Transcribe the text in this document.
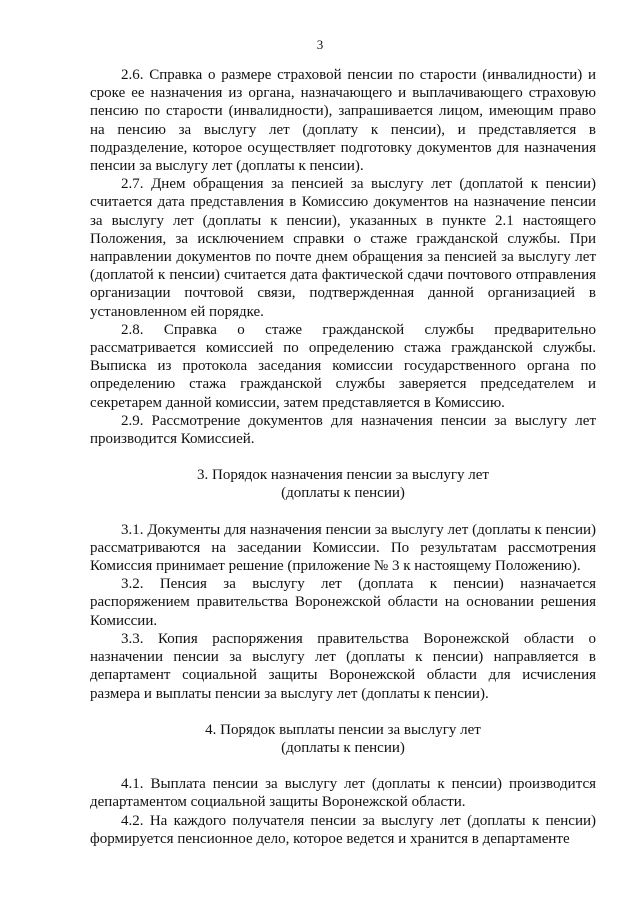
3

2.6. Справка о размере страховой пенсии по старости (инвалидности) и сроке ее назначения из органа, назначающего и выплачивающего страховую пенсию по старости (инвалидности), запрашивается лицом, имеющим право на пенсию за выслугу лет (доплату к пенсии), и представляется в подразделение, которое осуществляет подготовку документов для назначения пенсии за выслугу лет (доплаты к пенсии).

2.7. Днем обращения за пенсией за выслугу лет (доплатой к пенсии) считается дата представления в Комиссию документов на назначение пенсии за выслугу лет (доплаты к пенсии), указанных в пункте 2.1 настоящего Положения, за исключением справки о стаже гражданской службы. При направлении документов по почте днем обращения за пенсией за выслугу лет (доплатой к пенсии) считается дата фактической сдачи почтового отправления организации почтовой связи, подтвержденная данной организацией в установленном ей порядке.

2.8. Справка о стаже гражданской службы предварительно рассматривается комиссией по определению стажа гражданской службы. Выписка из протокола заседания комиссии государственного органа по определению стажа гражданской службы заверяется председателем и секретарем данной комиссии, затем представляется в Комиссию.

2.9. Рассмотрение документов для назначения пенсии за выслугу лет производится Комиссией.

3. Порядок назначения пенсии за выслугу лет
(доплаты к пенсии)

3.1. Документы для назначения пенсии за выслугу лет (доплаты к пенсии) рассматриваются на заседании Комиссии. По результатам рассмотрения Комиссия принимает решение (приложение № 3 к настоящему Положению).

3.2. Пенсия за выслугу лет (доплата к пенсии) назначается распоряжением правительства Воронежской области на основании решения Комиссии.

3.3. Копия распоряжения правительства Воронежской области о назначении пенсии за выслугу лет (доплаты к пенсии) направляется в департамент социальной защиты Воронежской области для исчисления размера и выплаты пенсии за выслугу лет (доплаты к пенсии).

4. Порядок выплаты пенсии за выслугу лет
(доплаты к пенсии)

4.1. Выплата пенсии за выслугу лет (доплаты к пенсии) производится департаментом социальной защиты Воронежской области.

4.2. На каждого получателя пенсии за выслугу лет (доплаты к пенсии) формируется пенсионное дело, которое ведется и хранится в департаменте
